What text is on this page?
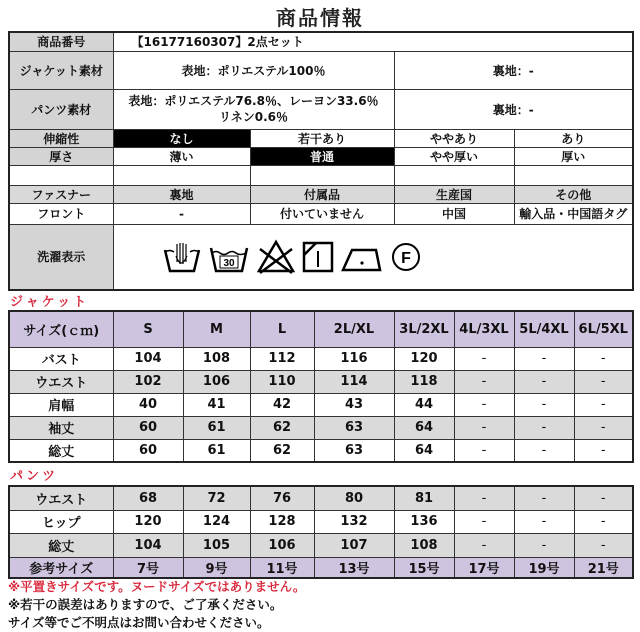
商品情報
商品番号	【16177160307】2点セット			
ジャケット素材	表地：ポリエステル100％		裏地：-	
パンツ素材	表地：ポリエステル76.8％、レーヨン33.6％
リネン0.6％		裏地：-	
伸縮性	なし	若干あり	ややあり	あり
厚さ	薄い	普通	やや厚い	厚い

ファスナー	裏地	付属品	生産国	その他
フロント	-	付いていません	中国	輸入品・中国語タグ
洗濯表示	30 F			
ジャケット
サイズ(ｃｍ)	S	M	L	2L/XL	3L/2XL	4L/3XL	5L/4XL	6L/5XL
バスト	104	108	112	116	120	-	-	-
ウエスト	102	106	110	114	118	-	-	-
肩幅	40	41	42	43	44	-	-	-
袖丈	60	61	62	63	64	-	-	-
総丈	60	61	62	63	64	-	-	-
パンツ
ウエスト	68	72	76	80	81	-	-	-
ヒップ	120	124	128	132	136	-	-	-
総丈	104	105	106	107	108	-	-	-
参考サイズ	7号	9号	11号	13号	15号	17号	19号	21号
※平置きサイズです。ヌードサイズではありません。
※若干の誤差はありますので、ご了承ください。
サイズ等でご不明点はお問い合わせください。
